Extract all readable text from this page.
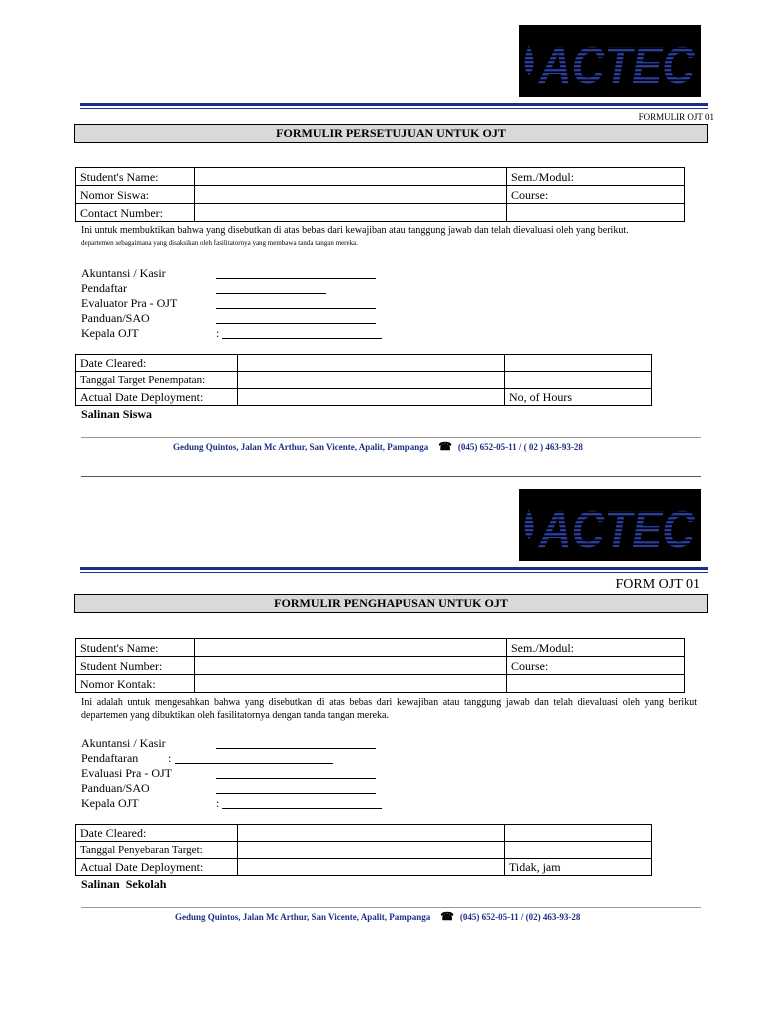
ACTEC
FORMULIR OJT 01
FORMULIR PERSETUJUAN UNTUK OJT
Student's Name:		Sem./Modul:
Nomor Siswa:		Course:
Contact Number:		
Ini untuk membuktikan bahwa yang disebutkan di atas bebas dari kewajiban atau tanggung jawab dan telah dievaluasi oleh yang berikut.
departemen sebagaimana yang disaksikan oleh fasilitatornya yang membawa tanda tangan mereka.
Akuntansi / Kasir
Pendaftar
Evaluator Pra - OJT
Panduan/SAO
Kepala OJT	:
Date Cleared:		
Tanggal Target Penempatan:		
Actual Date Deployment:		No, of Hours
Salinan Siswa
Gedung Quintos, Jalan Mc Arthur, San Vicente, Apalit, Pampanga ☎ (045) 652-05-11 / ( 02 ) 463-93-28
ACTEC
FORM OJT 01
FORMULIR PENGHAPUSAN UNTUK OJT
Student's Name:		Sem./Modul:
Student Number:		Course:
Nomor Kontak:		
Ini adalah untuk mengesahkan bahwa yang disebutkan di atas bebas dari kewajiban atau tanggung jawab dan telah dievaluasi oleh yang berikut departemen yang dibuktikan oleh fasilitatornya dengan tanda tangan mereka.
Akuntansi / Kasir
Pendaftaran :
Evaluasi Pra - OJT
Panduan/SAO
Kepala OJT	:
Date Cleared:		
Tanggal Penyebaran Target:		
Actual Date Deployment:		Tidak, jam
Salinan  Sekolah
Gedung Quintos, Jalan Mc Arthur, San Vicente, Apalit, Pampanga ☎ (045) 652-05-11 / (02) 463-93-28
